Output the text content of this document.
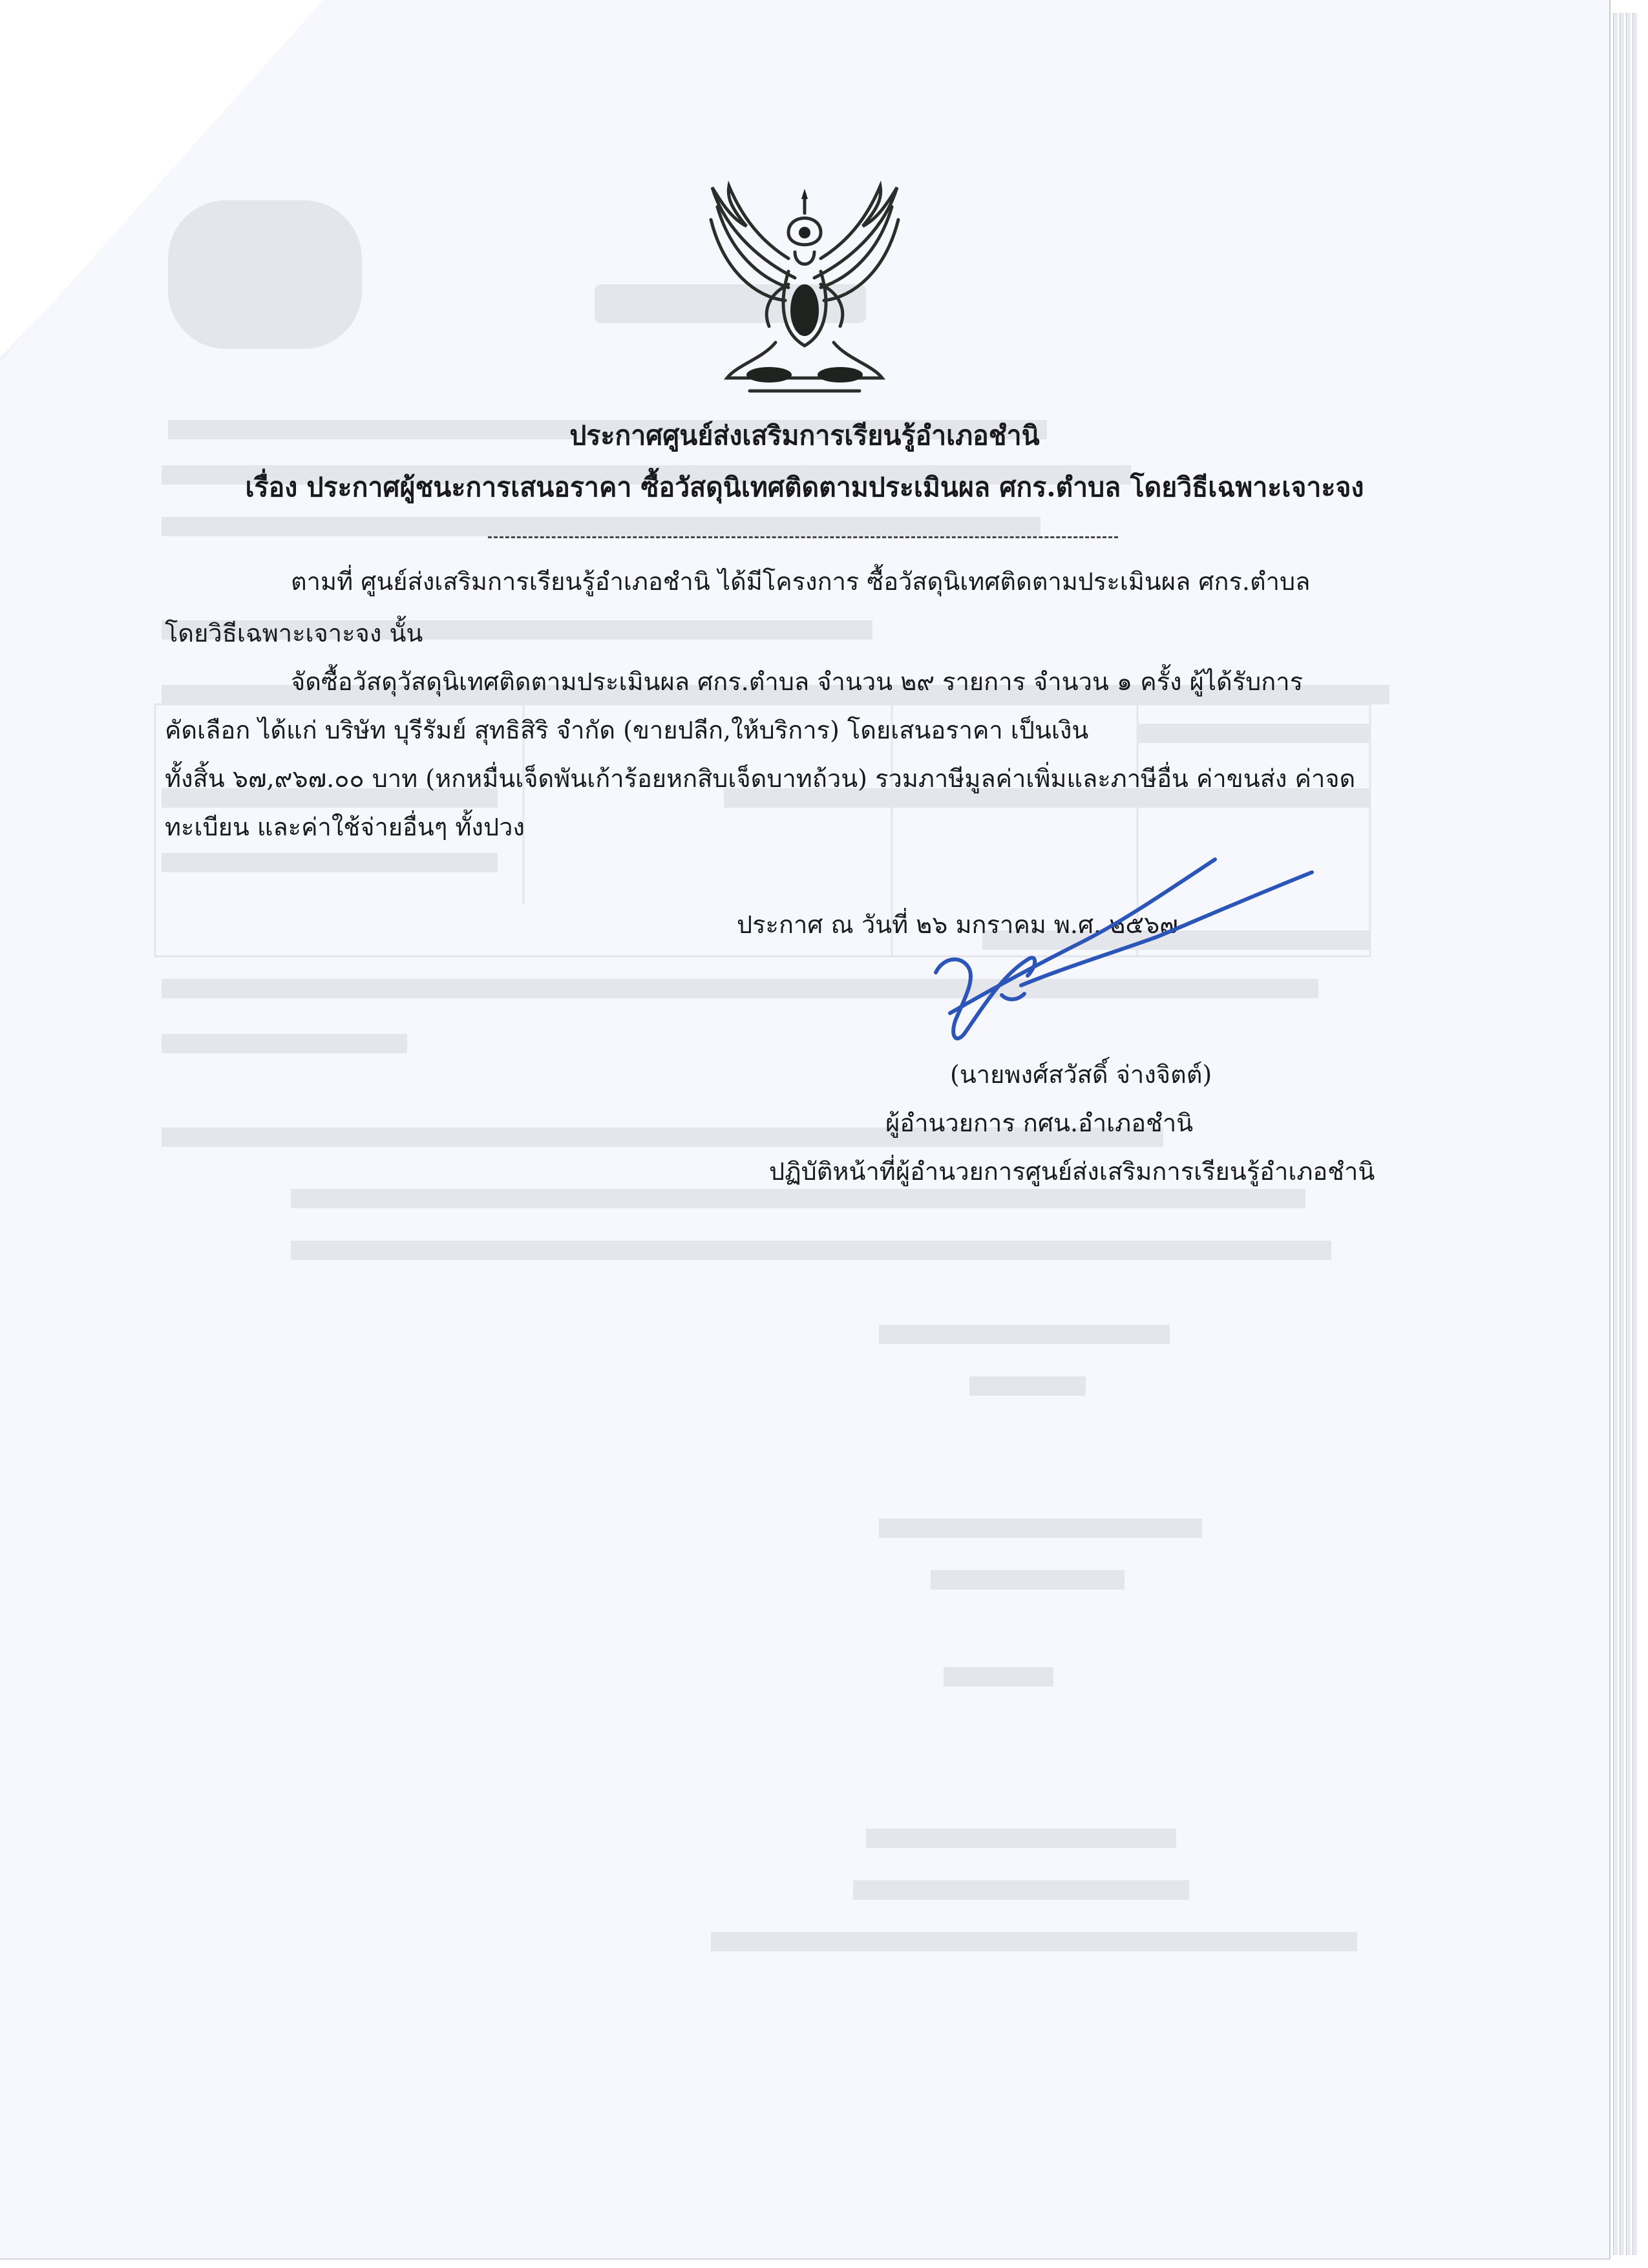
ประกาศศูนย์ส่งเสริมการเรียนรู้อำเภอชำนิ
เรื่อง ประกาศผู้ชนะการเสนอราคา ซื้อวัสดุนิเทศติดตามประเมินผล ศกร.ตำบล โดยวิธีเฉพาะเจาะจง
ตามที่ ศูนย์ส่งเสริมการเรียนรู้อำเภอชำนิ ได้มีโครงการ ซื้อวัสดุนิเทศติดตามประเมินผล ศกร.ตำบล
โดยวิธีเฉพาะเจาะจง นั้น
จัดซื้อวัสดุวัสดุนิเทศติดตามประเมินผล ศกร.ตำบล จำนวน ๒๙ รายการ จำนวน ๑ ครั้ง ผู้ได้รับการ
คัดเลือก ได้แก่ บริษัท บุรีรัมย์ สุทธิสิริ จำกัด (ขายปลีก,ให้บริการ) โดยเสนอราคา เป็นเงิน
ทั้งสิ้น ๖๗,๙๖๗.๐๐ บาท (หกหมื่นเจ็ดพันเก้าร้อยหกสิบเจ็ดบาทถ้วน) รวมภาษีมูลค่าเพิ่มและภาษีอื่น ค่าขนส่ง ค่าจด
ทะเบียน และค่าใช้จ่ายอื่นๆ ทั้งปวง
ประกาศ ณ วันที่ ๒๖ มกราคม พ.ศ. ๒๕๖๗
(นายพงศ์สวัสดิ์ จ่างจิตต์)
ผู้อำนวยการ กศน.อำเภอชำนิ
ปฏิบัติหน้าที่ผู้อำนวยการศูนย์ส่งเสริมการเรียนรู้อำเภอชำนิ
